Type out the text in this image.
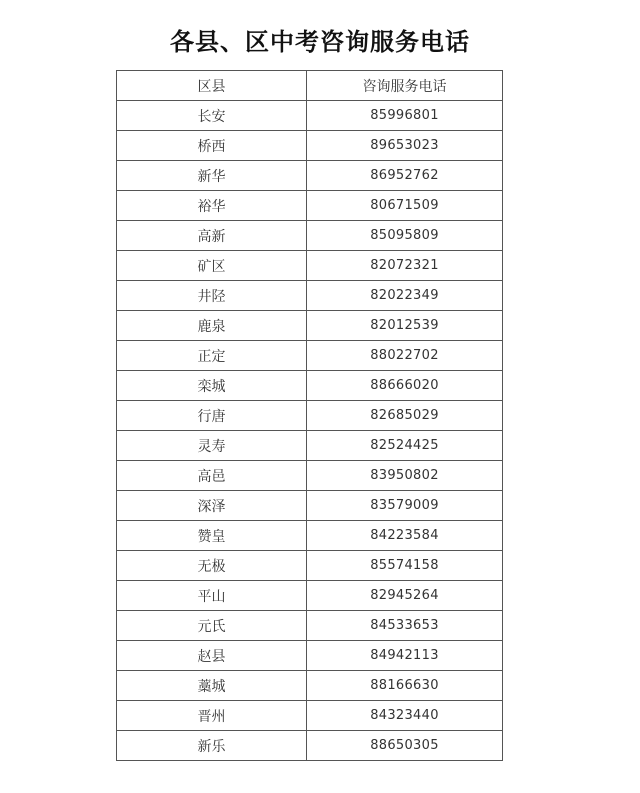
各县、区中考咨询服务电话
区县	咨询服务电话
长安	85996801
桥西	89653023
新华	86952762
裕华	80671509
高新	85095809
矿区	82072321
井陉	82022349
鹿泉	82012539
正定	88022702
栾城	88666020
行唐	82685029
灵寿	82524425
高邑	83950802
深泽	83579009
赞皇	84223584
无极	85574158
平山	82945264
元氏	84533653
赵县	84942113
藁城	88166630
晋州	84323440
新乐	88650305
